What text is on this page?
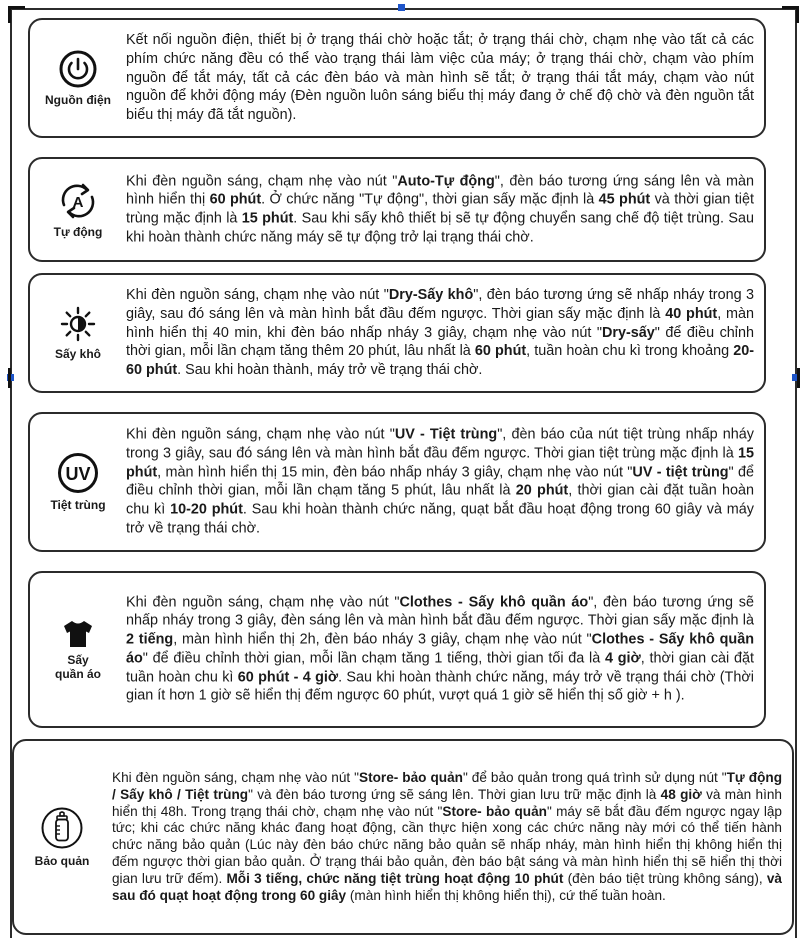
Nguồn điện
Kết nối nguồn điện, thiết bị ở trạng thái chờ hoặc tắt; ở trạng thái chờ, chạm nhẹ vào tất cả các phím chức năng đều có thể vào trạng thái làm việc của máy; ở trạng thái chờ, chạm vào phím nguồn để tắt máy, tất cả các đèn báo và màn hình sẽ tắt; ở trạng thái tắt máy, chạm vào nút nguồn để khởi động máy (Đèn nguồn luôn sáng biểu thị máy đang ở chế độ chờ và đèn nguồn tắt biểu thị máy đã tắt nguồn).
A
Tự động
Khi đèn nguồn sáng, chạm nhẹ vào nút "Auto-Tự động", đèn báo tương ứng sáng lên và màn hình hiển thị 60 phút. Ở chức năng "Tự động", thời gian sấy mặc định là 45 phút và thời gian tiệt trùng mặc định là 15 phút. Sau khi sấy khô thiết bị sẽ tự động chuyển sang chế độ tiệt trùng. Sau khi hoàn thành chức năng máy sẽ tự động trở lại trạng thái chờ.
Sấy khô
Khi đèn nguồn sáng, chạm nhẹ vào nút "Dry-Sấy khô", đèn báo tương ứng sẽ nhấp nháy trong 3 giây, sau đó sáng lên và màn hình bắt đầu đếm ngược. Thời gian sấy mặc định là 40 phút, màn hình hiển thị 40 min, khi đèn báo nhấp nháy 3 giây, chạm nhẹ vào nút "Dry-sấy" để điều chỉnh thời gian, mỗi lần chạm tăng thêm 20 phút, lâu nhất là 60 phút, tuần hoàn chu kì trong khoảng 20-60 phút. Sau khi hoàn thành, máy trở về trạng thái chờ.
UV
Tiệt trùng
Khi đèn nguồn sáng, chạm nhẹ vào nút "UV - Tiệt trùng", đèn báo của nút tiệt trùng nhấp nháy trong 3 giây, sau đó sáng lên và màn hình bắt đầu đếm ngược. Thời gian tiệt trùng mặc định là 15 phút, màn hình hiển thị 15 min, đèn báo nhấp nháy 3 giây, chạm nhẹ vào nút "UV - tiệt trùng" để điều chỉnh thời gian, mỗi lần chạm tăng 5 phút, lâu nhất là 20 phút, thời gian cài đặt tuần hoàn chu kì 10-20 phút. Sau khi hoàn thành chức năng, quạt bắt đầu hoạt động trong 60 giây và máy trở về trạng thái chờ.
Sấy
quần áo
Khi đèn nguồn sáng, chạm nhẹ vào nút "Clothes - Sấy khô quần áo", đèn báo tương ứng sẽ nhấp nháy trong 3 giây, đèn sáng lên và màn hình bắt đầu đếm ngược. Thời gian sấy mặc định là 2 tiếng, màn hình hiển thị 2h, đèn báo nháy 3 giây, chạm nhẹ vào nút "Clothes - Sấy khô quần áo" để điều chỉnh thời gian, mỗi lần chạm tăng 1 tiếng, thời gian tối đa là 4 giờ, thời gian cài đặt tuần hoàn chu kì 60 phút - 4 giờ. Sau khi hoàn thành chức năng, máy trở về trạng thái chờ (Thời gian ít hơn 1 giờ sẽ hiển thị đếm ngược 60 phút, vượt quá 1 giờ sẽ hiển thị số giờ + h ).
Bảo quản
Khi đèn nguồn sáng, chạm nhẹ vào nút "Store- bảo quản" để bảo quản trong quá trình sử dụng nút "Tự động / Sấy khô / Tiệt trùng" và đèn báo tương ứng sẽ sáng lên. Thời gian lưu trữ mặc định là 48 giờ và màn hình hiển thị 48h. Trong trạng thái chờ, chạm nhẹ vào nút "Store- bảo quản" máy sẽ bắt đầu đếm ngược ngay lập tức; khi các chức năng khác đang hoạt động, cần thực hiện xong các chức năng này mới có thể tiến hành chức năng bảo quản (Lúc này đèn báo chức năng bảo quản sẽ nhấp nháy, màn hình hiển thị không hiển thị đếm ngược thời gian bảo quản. Ở trạng thái bảo quản, đèn báo bật sáng và màn hình hiển thị sẽ hiển thị thời gian lưu trữ đếm). Mỗi 3 tiếng, chức năng tiệt trùng hoạt động 10 phút (đèn báo tiệt trùng không sáng), và sau đó quạt hoạt động trong 60 giây (màn hình hiển thị không hiển thị), cứ thế tuần hoàn.
